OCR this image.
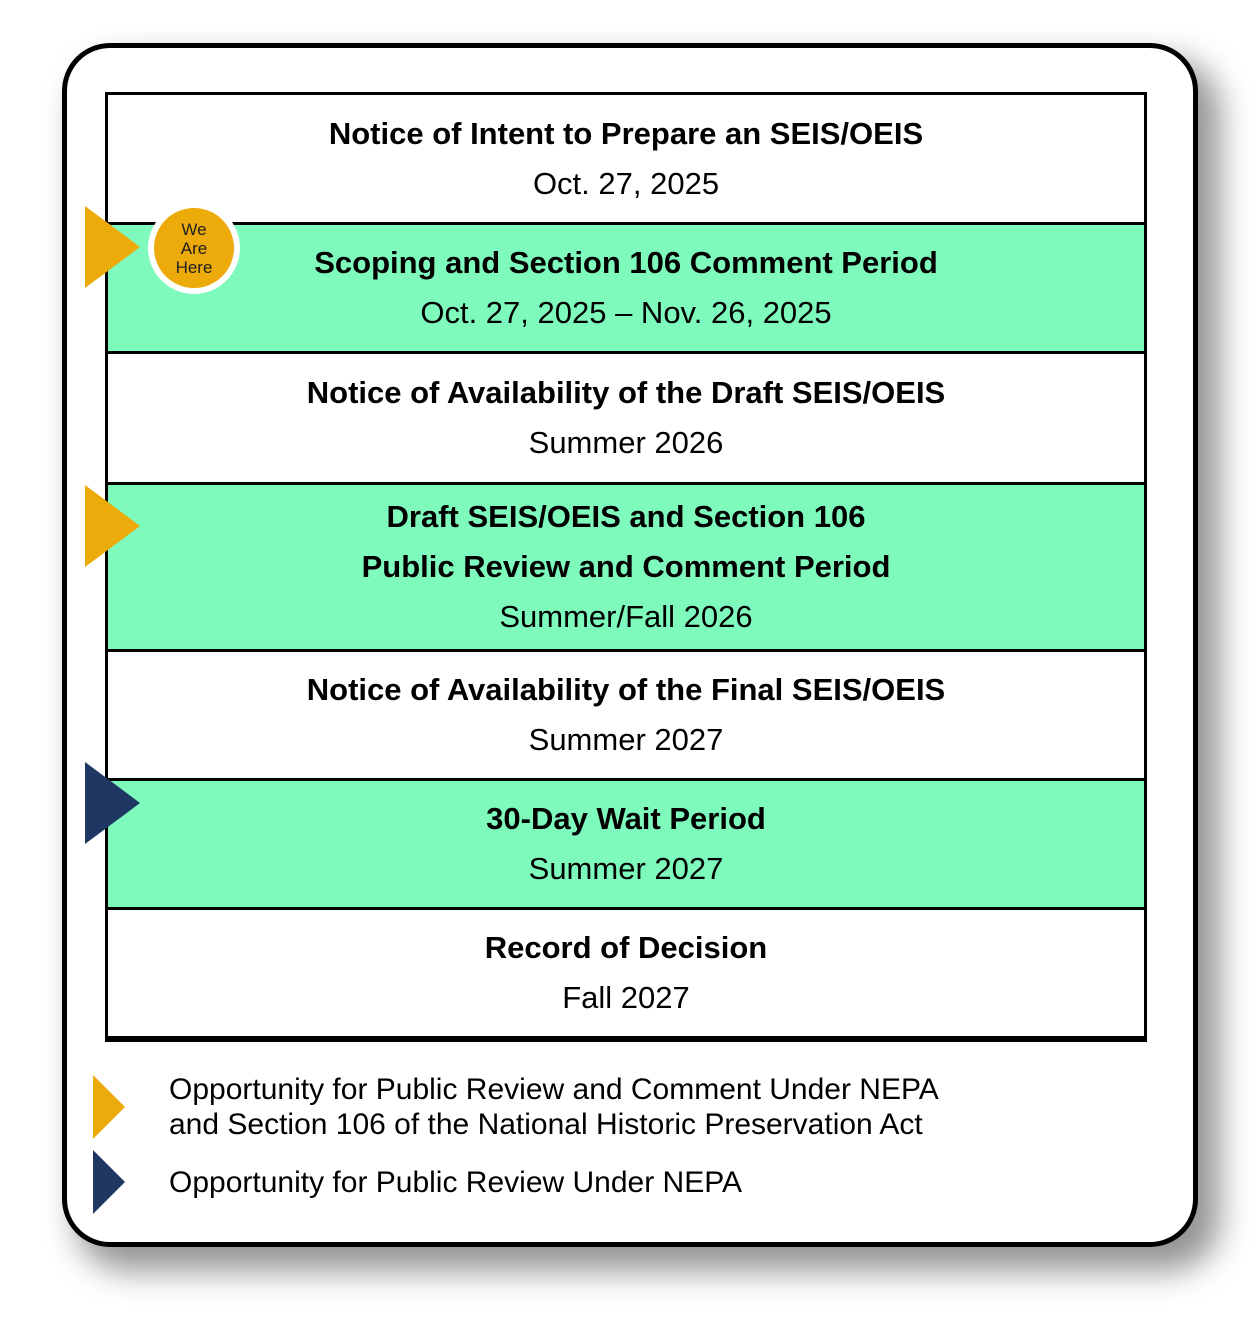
Notice of Intent to Prepare an SEIS/OEIS
Oct. 27, 2025
Scoping and Section 106 Comment Period
Oct. 27, 2025 – Nov. 26, 2025
Notice of Availability of the Draft SEIS/OEIS
Summer 2026
Draft SEIS/OEIS and Section 106
Public Review and Comment Period
Summer/Fall 2026
Notice of Availability of the Final SEIS/OEIS
Summer 2027
30-Day Wait Period
Summer 2027
Record of Decision
Fall 2027
We
Are
Here
Opportunity for Public Review and Comment Under NEPA
and Section 106 of the National Historic Preservation Act
Opportunity for Public Review Under NEPA
